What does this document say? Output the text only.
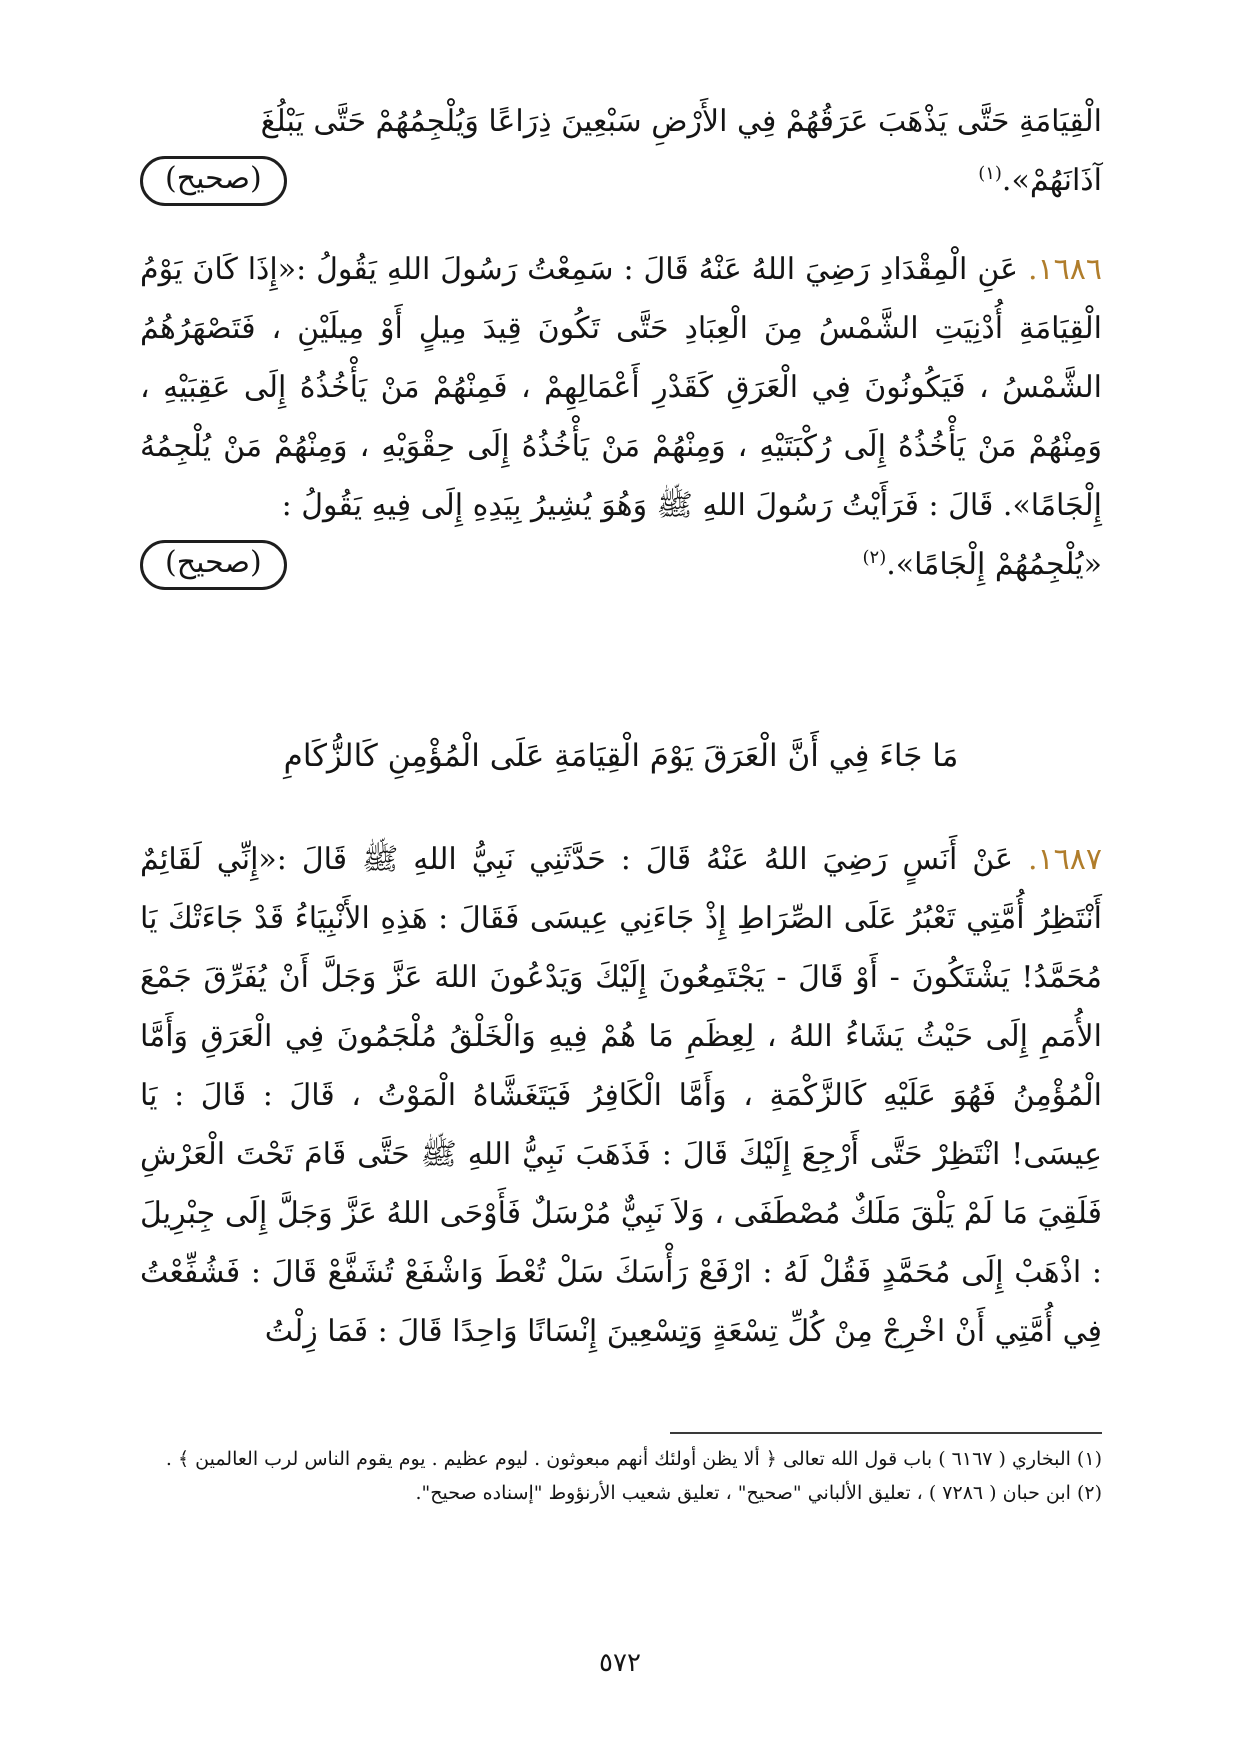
الْقِيَامَةِ حَتَّى يَذْهَبَ عَرَقُهُمْ فِي الأَرْضِ سَبْعِينَ ذِرَاعًا وَيُلْجِمُهُمْ حَتَّى يَبْلُغَ

آذَانَهُمْ».$^{(١)}$
(صحيح)

١٦٨٦. عَنِ الْمِقْدَادِ رَضِيَ اللهُ عَنْهُ قَالَ : سَمِعْتُ رَسُولَ اللهِ يَقُولُ :«إِذَا كَانَ يَوْمُ الْقِيَامَةِ أُدْنِيَتِ الشَّمْسُ مِنَ الْعِبَادِ حَتَّى تَكُونَ قِيدَ مِيلٍ أَوْ مِيلَيْنِ ، فَتَصْهَرُهُمُ الشَّمْسُ ، فَيَكُونُونَ فِي الْعَرَقِ كَقَدْرِ أَعْمَالِهِمْ ، فَمِنْهُمْ مَنْ يَأْخُذُهُ إِلَى عَقِبَيْهِ ، وَمِنْهُمْ مَنْ يَأْخُذُهُ إِلَى رُكْبَتَيْهِ ، وَمِنْهُمْ مَنْ يَأْخُذُهُ إِلَى حِقْوَيْهِ ، وَمِنْهُمْ مَنْ يُلْجِمُهُ إِلْجَامًا». قَالَ : فَرَأَيْتُ رَسُولَ اللهِ ﷺ وَهُوَ يُشِيرُ بِيَدِهِ إِلَى فِيهِ يَقُولُ :

«يُلْجِمُهُمْ إِلْجَامًا».$^{(٢)}$
(صحيح)
مَا جَاءَ فِي أَنَّ الْعَرَقَ يَوْمَ الْقِيَامَةِ عَلَى الْمُؤْمِنِ كَالزُّكَامِ

١٦٨٧. عَنْ أَنَسٍ رَضِيَ اللهُ عَنْهُ قَالَ : حَدَّثَنِي نَبِيُّ اللهِ ﷺ قَالَ :«إِنِّي لَقَائِمٌ أَنْتَظِرُ أُمَّتِي تَعْبُرُ عَلَى الصِّرَاطِ إِذْ جَاءَنِي عِيسَى فَقَالَ : هَذِهِ الأَنْبِيَاءُ قَدْ جَاءَتْكَ يَا مُحَمَّدُ! يَشْتَكُونَ - أَوْ قَالَ - يَجْتَمِعُونَ إِلَيْكَ وَيَدْعُونَ اللهَ عَزَّ وَجَلَّ أَنْ يُفَرِّقَ جَمْعَ الأُمَمِ إِلَى حَيْثُ يَشَاءُ اللهُ ، لِعِظَمِ مَا هُمْ فِيهِ وَالْخَلْقُ مُلْجَمُونَ فِي الْعَرَقِ وَأَمَّا الْمُؤْمِنُ فَهُوَ عَلَيْهِ كَالزَّكْمَةِ ، وَأَمَّا الْكَافِرُ فَيَتَغَشَّاهُ الْمَوْتُ ، قَالَ : قَالَ : يَا عِيسَى! انْتَظِرْ حَتَّى أَرْجِعَ إِلَيْكَ قَالَ : فَذَهَبَ نَبِيُّ اللهِ ﷺ حَتَّى قَامَ تَحْتَ الْعَرْشِ فَلَقِيَ مَا لَمْ يَلْقَ مَلَكٌ مُصْطَفَى ، وَلاَ نَبِيٌّ مُرْسَلٌ فَأَوْحَى اللهُ عَزَّ وَجَلَّ إِلَى جِبْرِيلَ : اذْهَبْ إِلَى مُحَمَّدٍ فَقُلْ لَهُ : ارْفَعْ رَأْسَكَ سَلْ تُعْطَ وَاشْفَعْ تُشَفَّعْ قَالَ : فَشُفِّعْتُ فِي أُمَّتِي أَنْ اخْرِجْ مِنْ كُلِّ تِسْعَةٍ وَتِسْعِينَ إِنْسَانًا وَاحِدًا قَالَ : فَمَا زِلْتُ

(١) البخاري ( ٦١٦٧ ) باب قول الله تعالى ﴿ ألا يظن أولئك أنهم مبعوثون . ليوم عظيم . يوم يقوم الناس لرب العالمين ﴾ .

(٢) ابن حبان ( ٧٢٨٦ ) ، تعليق الألباني "صحيح" ، تعليق شعيب الأرنؤوط "إسناده صحيح".

٥٧٢
